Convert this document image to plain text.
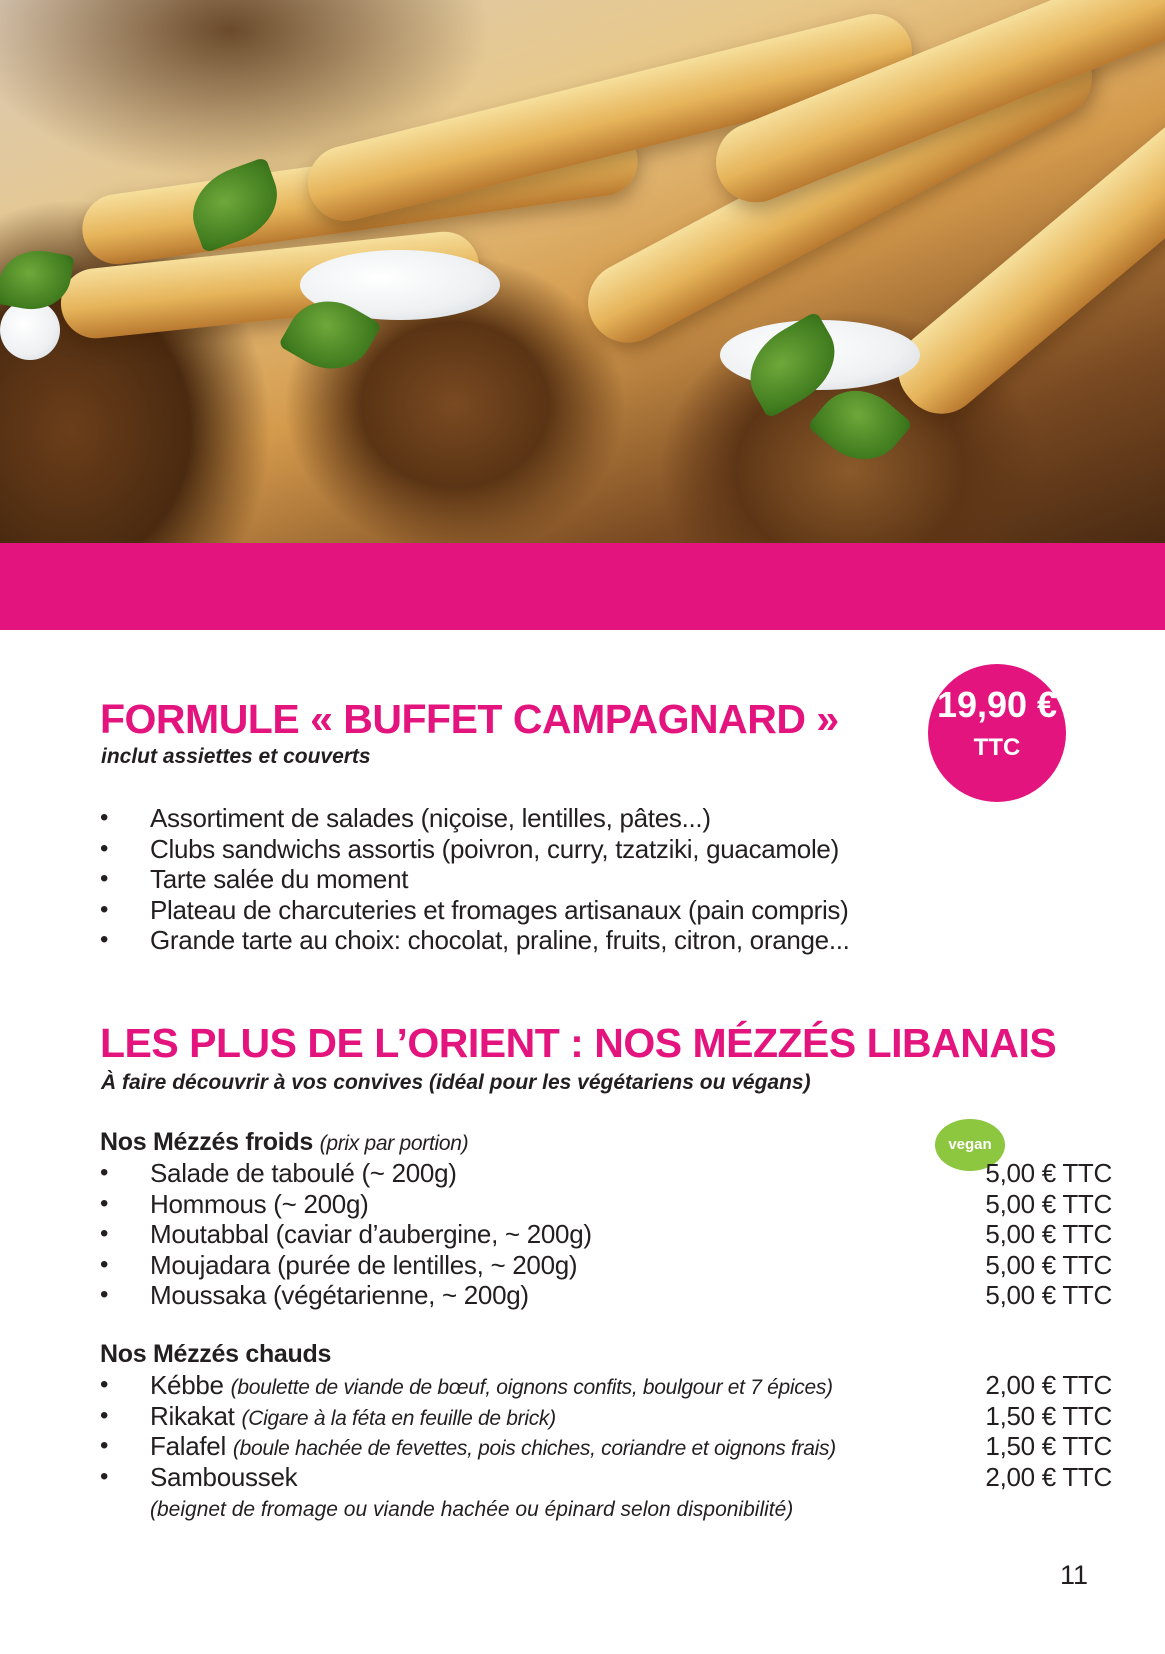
19,90 €
TTC
FORMULE « BUFFET CAMPAGNARD »
inclut assiettes et couverts
• Assortiment de salades (niçoise, lentilles, pâtes...)
• Clubs sandwichs assortis (poivron, curry, tzatziki, guacamole)
• Tarte salée du moment
• Plateau de charcuteries et fromages artisanaux (pain compris)
• Grande tarte au choix: chocolat, praline, fruits, citron, orange...
LES PLUS DE L’ORIENT : NOS MÉZZÉS LIBANAIS
À faire découvrir à vos convives (idéal pour les végétariens ou végans)
Nos Mézzés froids (prix par portion)	vegan
• Salade de taboulé (~ 200g)	5,00 € TTC
• Hommous (~ 200g)	5,00 € TTC
• Moutabbal (caviar d’aubergine, ~ 200g)	5,00 € TTC
• Moujadara (purée de lentilles, ~ 200g)	5,00 € TTC
• Moussaka (végétarienne, ~ 200g)	5,00 € TTC
Nos Mézzés chauds
• Kébbe (boulette de viande de bœuf, oignons confits, boulgour et 7 épices)	2,00 € TTC
• Rikakat (Cigare à la féta en feuille de brick)	1,50 € TTC
• Falafel (boule hachée de fevettes, pois chiches, coriandre et oignons frais)	1,50 € TTC
• Samboussek	2,00 € TTC
(beignet de fromage ou viande hachée ou épinard selon disponibilité)
11
